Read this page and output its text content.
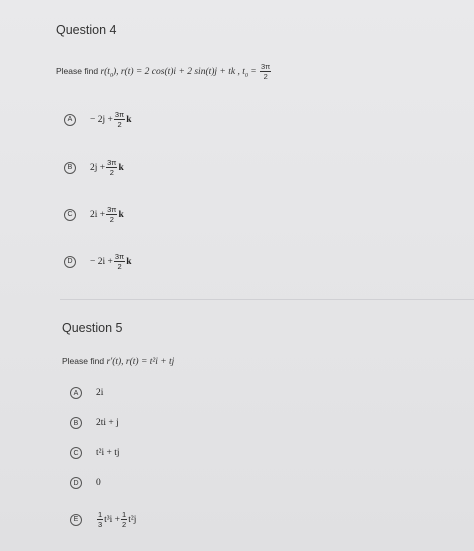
Question 4
Please find $r(t_0)$, r(t) = 2 cos(t)i + 2 sin(t)j + tk , $t_0 = \frac{3\pi}{2}$
A	− $2j + \frac{3\pi}{2}$ k
B	$2j + \frac{3\pi}{2}$ k
C	$2i + \frac{3\pi}{2}$ k
D	− $2i + \frac{3\pi}{2}$ k
Question 5
Please find r′(t), r(t) = t²i + tj
A	2i
B	2ti + j
C	t²i + tj
D	0
E	$\frac{1}{3} t^3i + \frac{1}{2} t^2j$
